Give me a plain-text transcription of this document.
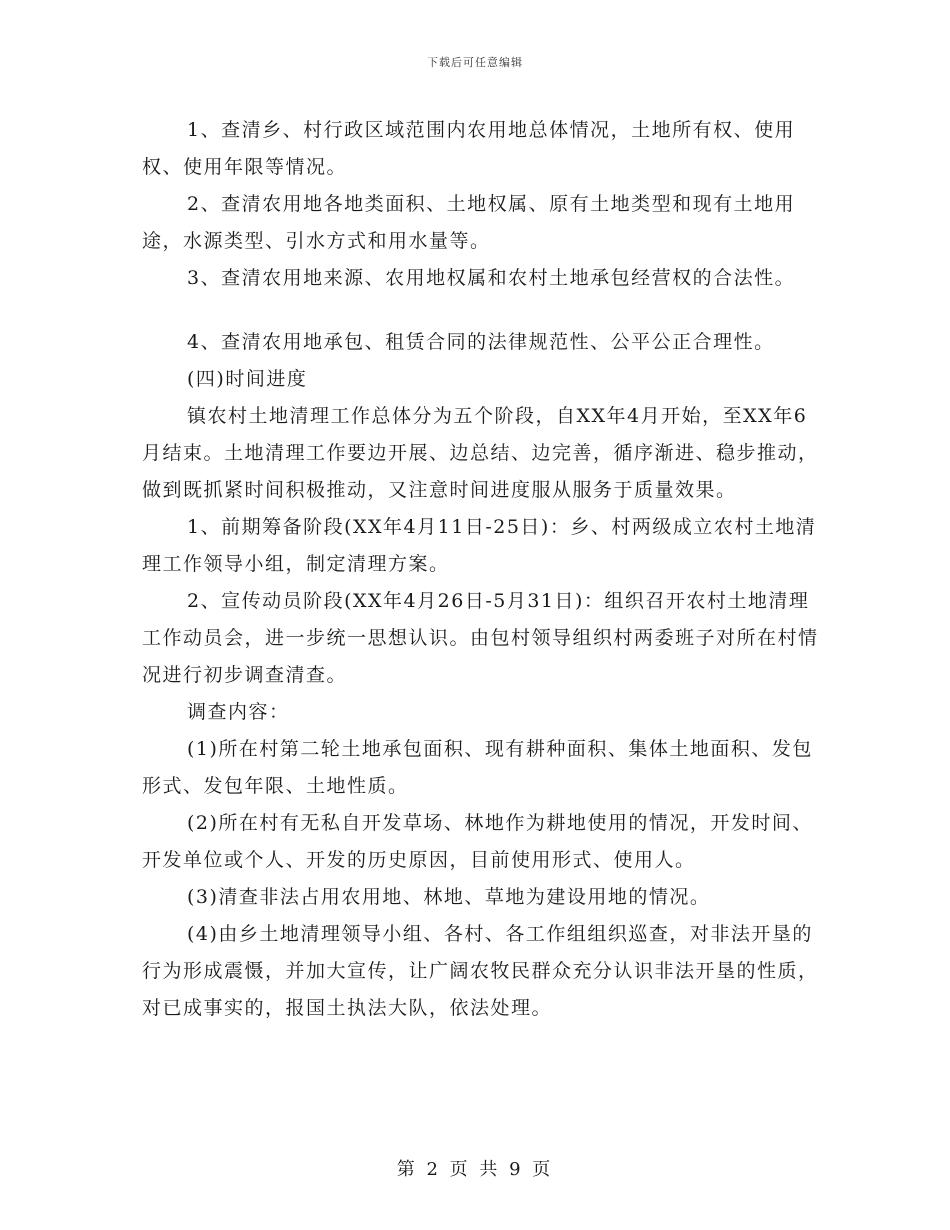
下载后可任意编辑

1、查清乡、村行政区域范围内农用地总体情况，土地所有权、使用权、使用年限等情况。

2、查清农用地各地类面积、土地权属、原有土地类型和现有土地用途，水源类型、引水方式和用水量等。

3、查清农用地来源、农用地权属和农村土地承包经营权的合法性。

4、查清农用地承包、租赁合同的法律规范性、公平公正合理性。

(四)时间进度

镇农村土地清理工作总体分为五个阶段，自XX年4月开始，至XX年6月结束。土地清理工作要边开展、边总结、边完善，循序渐进、稳步推动，做到既抓紧时间积极推动，又注意时间进度服从服务于质量效果。

1、前期筹备阶段(XX年4月11日-25日)：乡、村两级成立农村土地清理工作领导小组，制定清理方案。

2、宣传动员阶段(XX年4月26日-5月31日)：组织召开农村土地清理工作动员会，进一步统一思想认识。由包村领导组织村两委班子对所在村情况进行初步调查清查。

调查内容：

(1)所在村第二轮土地承包面积、现有耕种面积、集体土地面积、发包形式、发包年限、土地性质。

(2)所在村有无私自开发草场、林地作为耕地使用的情况，开发时间、开发单位或个人、开发的历史原因，目前使用形式、使用人。

(3)清查非法占用农用地、林地、草地为建设用地的情况。

(4)由乡土地清理领导小组、各村、各工作组组织巡查，对非法开垦的行为形成震慑，并加大宣传，让广阔农牧民群众充分认识非法开垦的性质，对已成事实的，报国土执法大队，依法处理。

第 2 页 共 9 页
